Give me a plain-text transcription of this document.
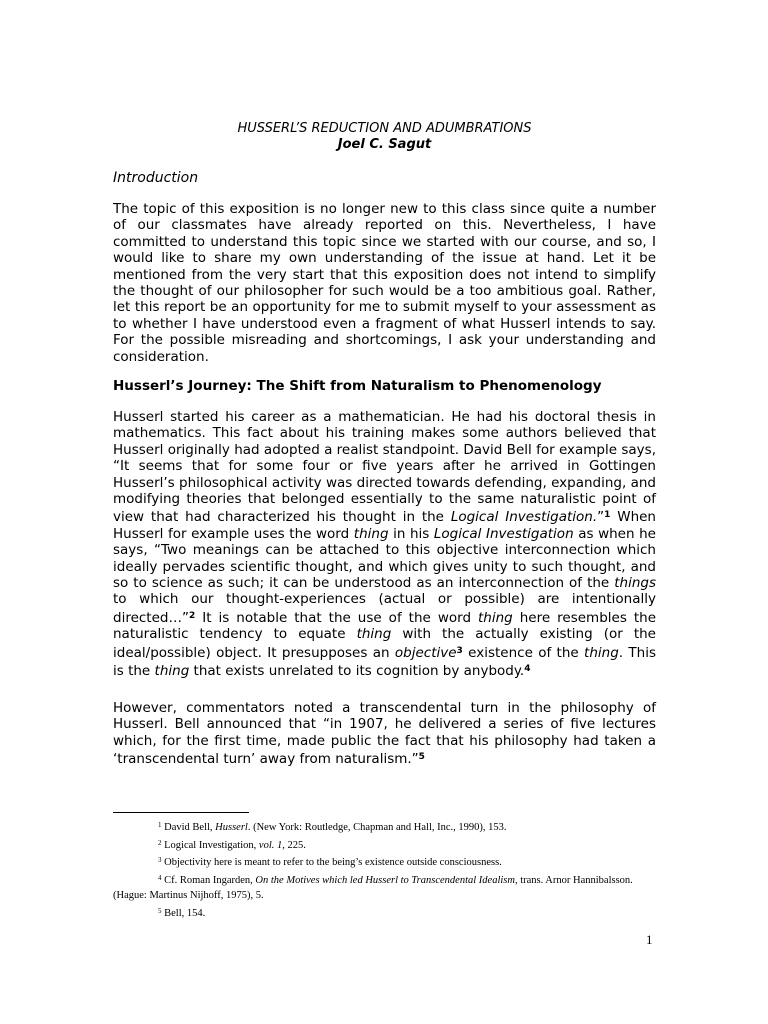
HUSSERL’S REDUCTION AND ADUMBRATIONS
Joel C. Sagut
Introduction
The topic of this exposition is no longer new to this class since quite a number of our classmates have already reported on this. Nevertheless, I have committed to understand this topic since we started with our course, and so, I would like to share my own understanding of the issue at hand. Let it be mentioned from the very start that this exposition does not intend to simplify the thought of our philosopher for such would be a too ambitious goal. Rather, let this report be an opportunity for me to submit myself to your assessment as to whether I have understood even a fragment of what Husserl intends to say. For the possible misreading and shortcomings, I ask your understanding and consideration.
Husserl’s Journey: The Shift from Naturalism to Phenomenology
Husserl started his career as a mathematician. He had his doctoral thesis in mathematics. This fact about his training makes some authors believed that Husserl originally had adopted a realist standpoint. David Bell for example says, “It seems that for some four or five years after he arrived in Gottingen Husserl’s philosophical activity was directed towards defending, expanding, and modifying theories that belonged essentially to the same naturalistic point of view that had characterized his thought in the Logical Investigation.”$^1$ When Husserl for example uses the word thing in his Logical Investigation as when he says, “Two meanings can be attached to this objective interconnection which ideally pervades scientific thought, and which gives unity to such thought, and so to science as such; it can be understood as an interconnection of the things to which our thought-experiences (actual or possible) are intentionally directed…”$^2$ It is notable that the use of the word thing here resembles the naturalistic tendency to equate thing with the actually existing (or the ideal/possible) object. It presupposes an objective$^3$ existence of the thing. This is the thing that exists unrelated to its cognition by anybody.$^4$
However, commentators noted a transcendental turn in the philosophy of Husserl. Bell announced that “in 1907, he delivered a series of five lectures which, for the first time, made public the fact that his philosophy had taken a ‘transcendental turn’ away from naturalism.”$^5$
$^1$ David Bell, Husserl. (New York: Routledge, Chapman and Hall, Inc., 1990), 153.
$^2$ Logical Investigation, vol. 1, 225.
$^3$ Objectivity here is meant to refer to the being’s existence outside consciousness.
$^4$ Cf. Roman Ingarden, On the Motives which led Husserl to Transcendental Idealism, trans. Arnor Hannibalsson. (Hague: Martinus Nijhoff, 1975), 5.
$^5$ Bell, 154.
1
